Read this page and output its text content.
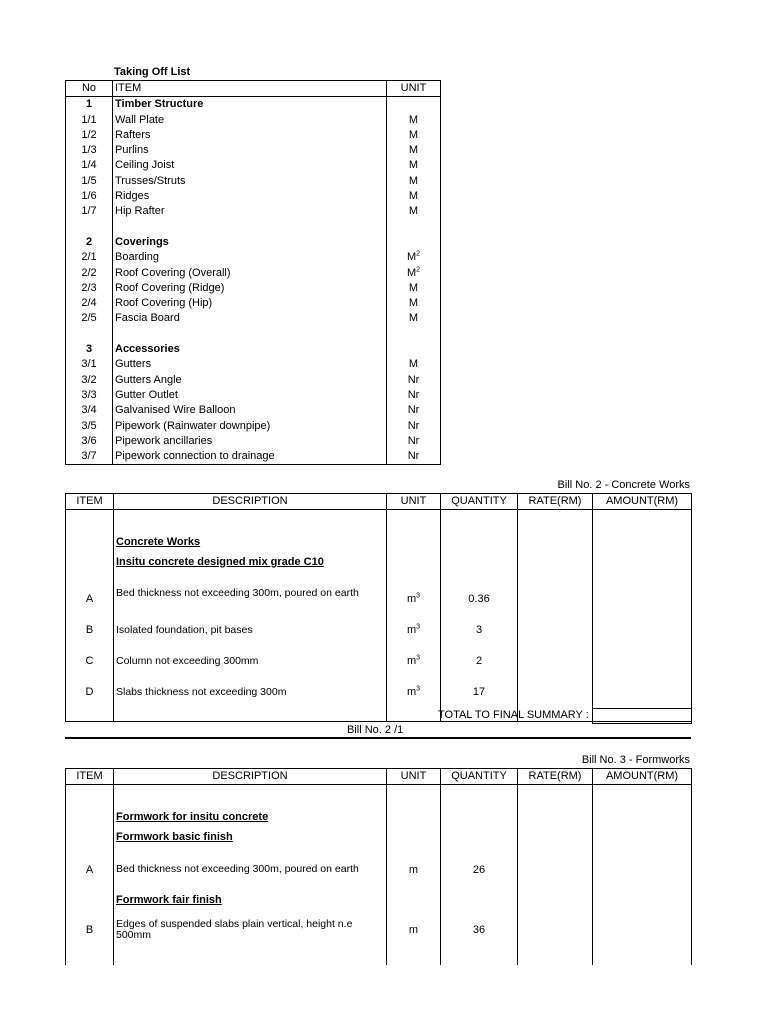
Taking Off List
No	ITEM	UNIT
1	Timber Structure	
1/1	Wall Plate	M
1/2	Rafters	M
1/3	Purlins	M
1/4	Ceiling Joist	M
1/5	Trusses/Struts	M
1/6	Ridges	M
1/7	Hip Rafter	M

2	Coverings	
2/1	Boarding	$M^2$
2/2	Roof Covering (Overall)	$M^2$
2/3	Roof Covering (Ridge)	M
2/4	Roof Covering (Hip)	M
2/5	Fascia Board	M

3	Accessories	
3/1	Gutters	M
3/2	Gutters Angle	Nr
3/3	Gutter Outlet	Nr
3/4	Galvanised Wire Balloon	Nr
3/5	Pipework (Rainwater downpipe)	Nr
3/6	Pipework ancillaries	Nr
3/7	Pipework connection to drainage	Nr
Bill No. 2 - Concrete Works
ITEM	DESCRIPTION	UNIT	QUANTITY	RATE(RM)	AMOUNT(RM)
	Concrete Works				
	Insitu concrete designed mix grade C10				
A	Bed thickness not exceeding 300m, poured on earth	$m^3$	0.36		
B	Isolated foundation, pit bases	$m^3$	3		
C	Column not exceeding 300mm	$m^3$	2		
D	Slabs thickness not exceeding 300m	$m^3$	17		

TOTAL TO FINAL SUMMARY :
Bill No. 2 /1
Bill No. 3 - Formworks
ITEM	DESCRIPTION	UNIT	QUANTITY	RATE(RM)	AMOUNT(RM)
	Formwork for insitu concrete				
	Formwork basic finish				
A	Bed thickness not exceeding 300m, poured on earth	m	26		
	Formwork fair finish				
B	Edges of suspended slabs plain vertical, height n.e 500mm	m	36		
